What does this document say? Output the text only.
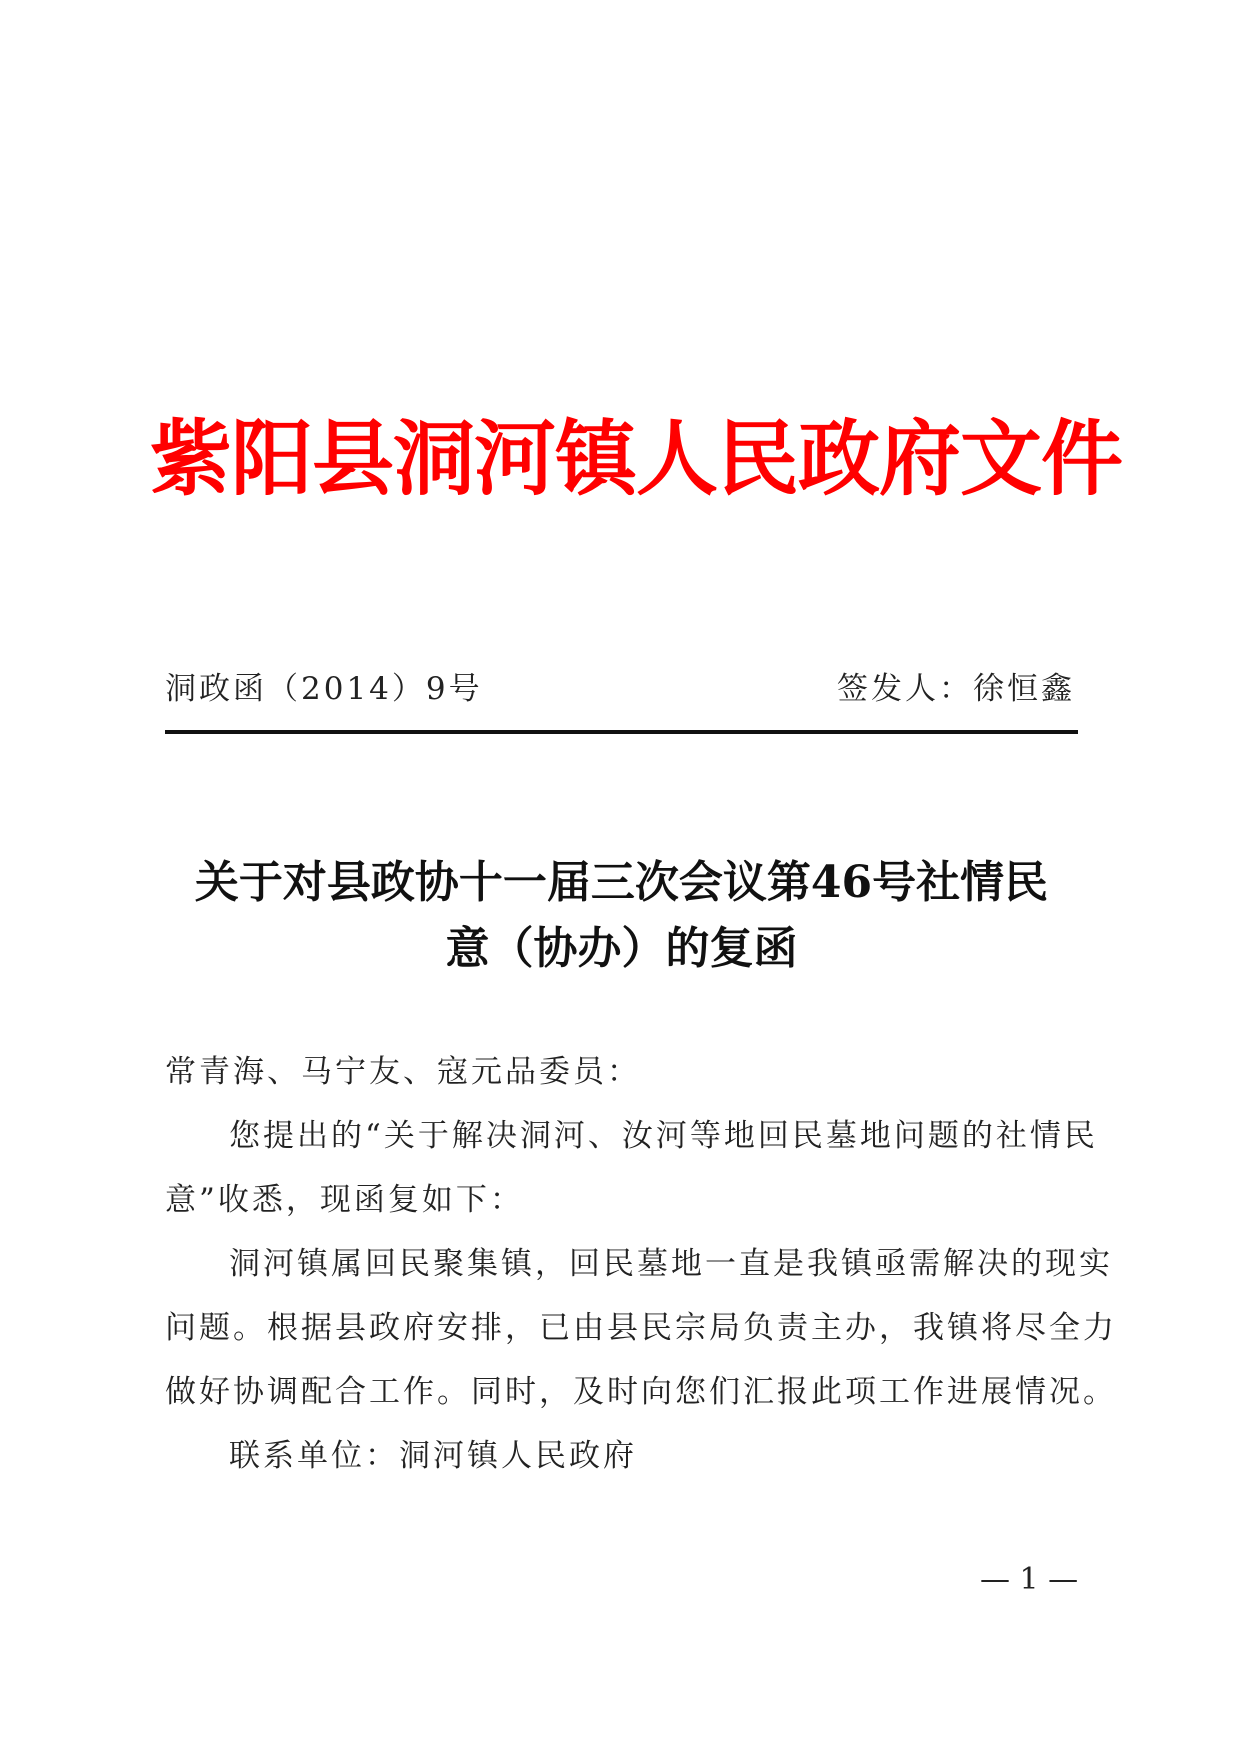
紫阳县洞河镇人民政府文件
洞政函（2014）9号	签发人：徐恒鑫
关于对县政协十一届三次会议第46号社情民
意（协办）的复函

常青海、马宁友、寇元品委员：

您提出的“关于解决洞河、汝河等地回民墓地问题的社情民

意”收悉，现函复如下：

洞河镇属回民聚集镇，回民墓地一直是我镇亟需解决的现实

问题。根据县政府安排，已由县民宗局负责主办，我镇将尽全力

做好协调配合工作。同时，及时向您们汇报此项工作进展情况。

联系单位：洞河镇人民政府

— 1 —
